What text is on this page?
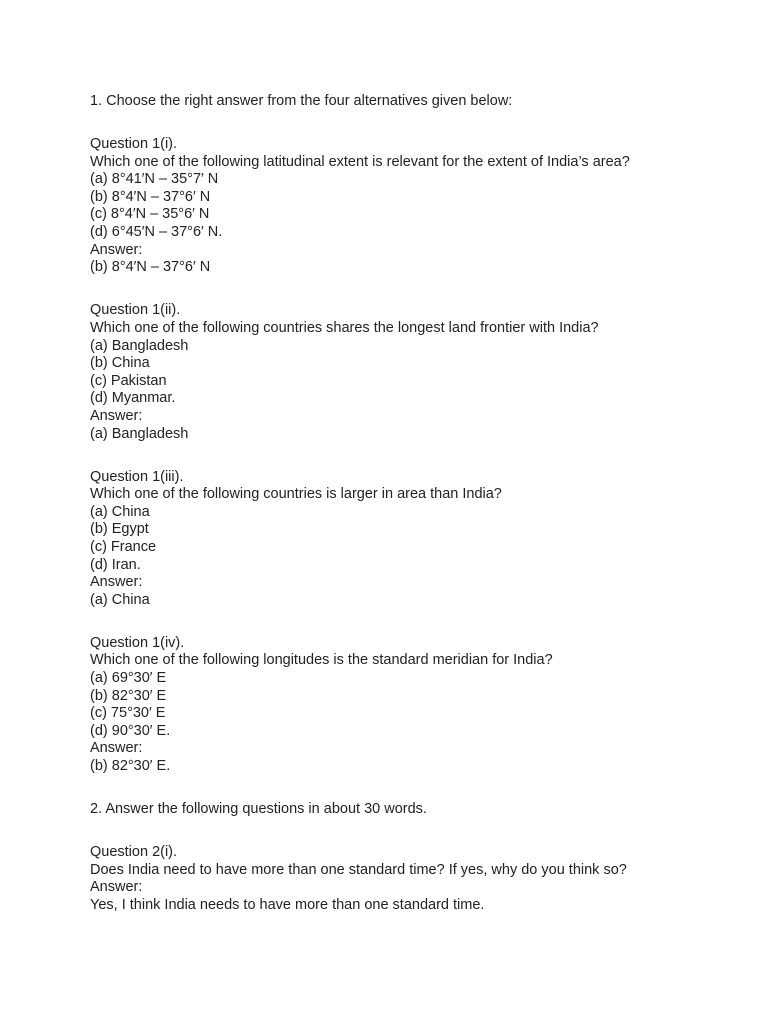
1. Choose the right answer from the four alternatives given below:
Question 1(i).
Which one of the following latitudinal extent is relevant for the extent of India’s area?
(a) 8°41′N – 35°7′ N
(b) 8°4′N – 37°6′ N
(c) 8°4′N – 35°6′ N
(d) 6°45′N – 37°6′ N.
Answer:
(b) 8°4′N – 37°6′ N
Question 1(ii).
Which one of the following countries shares the longest land frontier with India?
(a) Bangladesh
(b) China
(c) Pakistan
(d) Myanmar.
Answer:
(a) Bangladesh
Question 1(iii).
Which one of the following countries is larger in area than India?
(a) China
(b) Egypt
(c) France
(d) Iran.
Answer:
(a) China
Question 1(iv).
Which one of the following longitudes is the standard meridian for India?
(a) 69°30′ E
(b) 82°30′ E
(c) 75°30′ E
(d) 90°30′ E.
Answer:
(b) 82°30′ E.
2. Answer the following questions in about 30 words.
Question 2(i).
Does India need to have more than one standard time? If yes, why do you think so?
Answer:
Yes, I think India needs to have more than one standard time.
